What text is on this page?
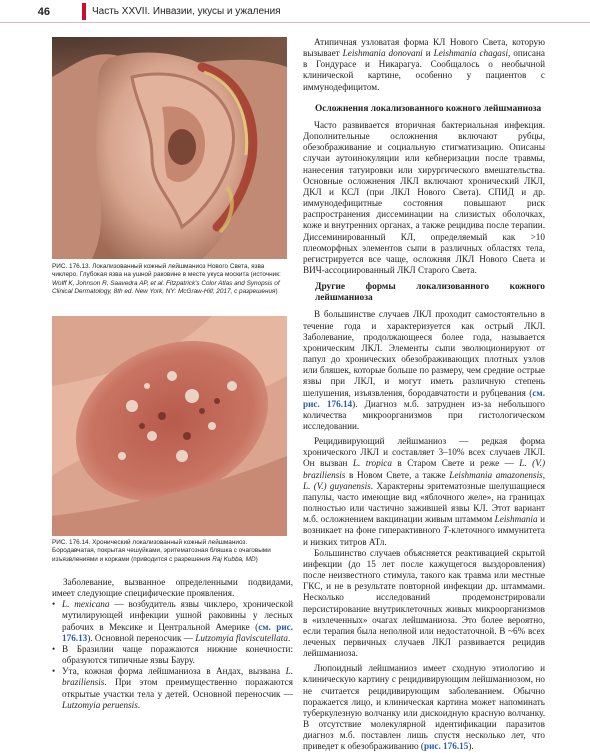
46	Часть XXVII. Инвазии, укусы и ужаления
РИС. 176.13. Локализованный кожный лейшманиоз Нового Света, язва чиклеро. Глубокая язва на ушной раковине в месте укуса москита (источник: Wolff K, Johnson R, Saavedra AP, et al. Fitzpatrick's Color Atlas and Synopsis of Clinical Dermatology, 8th ed. New York, NY: McGraw-Hill; 2017, с разрешения)
РИС. 176.14. Хронический локализованный кожный лейшманиоз. Бородавчатая, покрытая чешуйками, эритематозная бляшка с очаговыми изъязвлениями и корками (приводится с разрешения Raj Kubba, MD)

Заболевание, вызванное определенными подвидами, имеет следующие специфические проявления.

• L. mexicana — возбудитель язвы чиклеро, хронической мутилирующей инфекции ушной раковины у лесных рабочих в Мексике и Центральной Америке (см. рис. 176.13). Основной переносчик — Lutzomyia flaviscutellata.
• В Бразилии чаще поражаются нижние конечности: образуются типичные язвы Бауру.
• Ута, кожная форма лейшманиоза в Андах, вызвана L. braziliensis. При этом преимущественно поражаются открытые участки тела у детей. Основной переносчик — Lutzomyia peruensis.

Атипичная узловатая форма КЛ Нового Света, которую вызывает Leishmania donovani и Leishmania chagasi, описана в Гондурасе и Никарагуа. Сообщалось о необычной клинической картине, особенно у пациентов с иммунодефицитом.

Осложнения локализованного кожного лейшманиоза

Часто развивается вторичная бактериальная инфекция. Дополнительные осложнения включают рубцы, обезображивание и социальную стигматизацию. Описаны случаи аутоинокуляции или кебнеризации после травмы, нанесения татуировки или хирургического вмешательства. Основные осложнения ЛКЛ включают хронический ЛКЛ, ДКЛ и КСЛ (при ЛКЛ Нового Света). СПИД и др. иммунодефицитные состояния повышают риск распространения диссеминации на слизистых оболочках, коже и внутренних органах, а также рецидива после терапии. Диссеминированный КЛ, определяемый как >10 плеоморфных элементов сыпи в различных областях тела, регистрируется все чаще, осложняя ЛКЛ Нового Света и ВИЧ-ассоциированный ЛКЛ Старого Света.

Другие формы локализованного кожного лейшманиоза

В большинстве случаев ЛКЛ проходит самостоятельно в течение года и характеризуется как острый ЛКЛ. Заболевание, продолжающееся более года, называется хроническим ЛКЛ. Элементы сыпи эволюционируют от папул до хронических обезображивающих плотных узлов или бляшек, которые больше по размеру, чем средние острые язвы при ЛКЛ, и могут иметь различную степень шелушения, изъязвления, бородавчатости и рубцевания (см. рис. 176.14). Диагноз м.б. затруднен из-за небольшого количества микроорганизмов при гистологическом исследовании.

Рецидивирующий лейшманиоз — редкая форма хронического ЛКЛ и составляет 3–10% всех случаев ЛКЛ. Он вызван L. tropica в Старом Свете и реже — L. (V.) braziliensis в Новом Свете, а также Leishmania amazonensis, L. (V.) guyanensis. Характерны эритематозные шелушащиеся папулы, часто имеющие вид «яблочного желе», на границах полностью или частично зажившей язвы КЛ. Этот вариант м.б. осложнением вакцинации живым штаммом Leishmania и возникает на фоне гиперактивного T-клеточного иммунитета и низких титров АТл.

Большинство случаев объясняется реактивацией скрытой инфекции (до 15 лет после кажущегося выздоровления) после неизвестного стимула, такого как травма или местные ГКС, и не в результате повторной инфекции др. штаммами. Несколько исследований продемонстрировали персистирование внутриклеточных живых микроорганизмов в «излеченных» очагах лейшманиоза. Это более вероятно, если терапия была неполной или недостаточной. В ~6% всех леченых первичных случаев ЛКЛ развивается рецидив лейшманиоза.

Люпоидный лейшманиоз имеет сходную этиологию и клиническую картину с рецидивирующим лейшманиозом, но не считается рецидивирующим заболеванием. Обычно поражается лицо, и клиническая картина может напоминать туберкулезную волчанку или дискоидную красную волчанку. В отсутствие молекулярной идентификации паразитов диагноз м.б. поставлен лишь спустя несколько лет, что приведет к обезображиванию (рис. 176.15).
